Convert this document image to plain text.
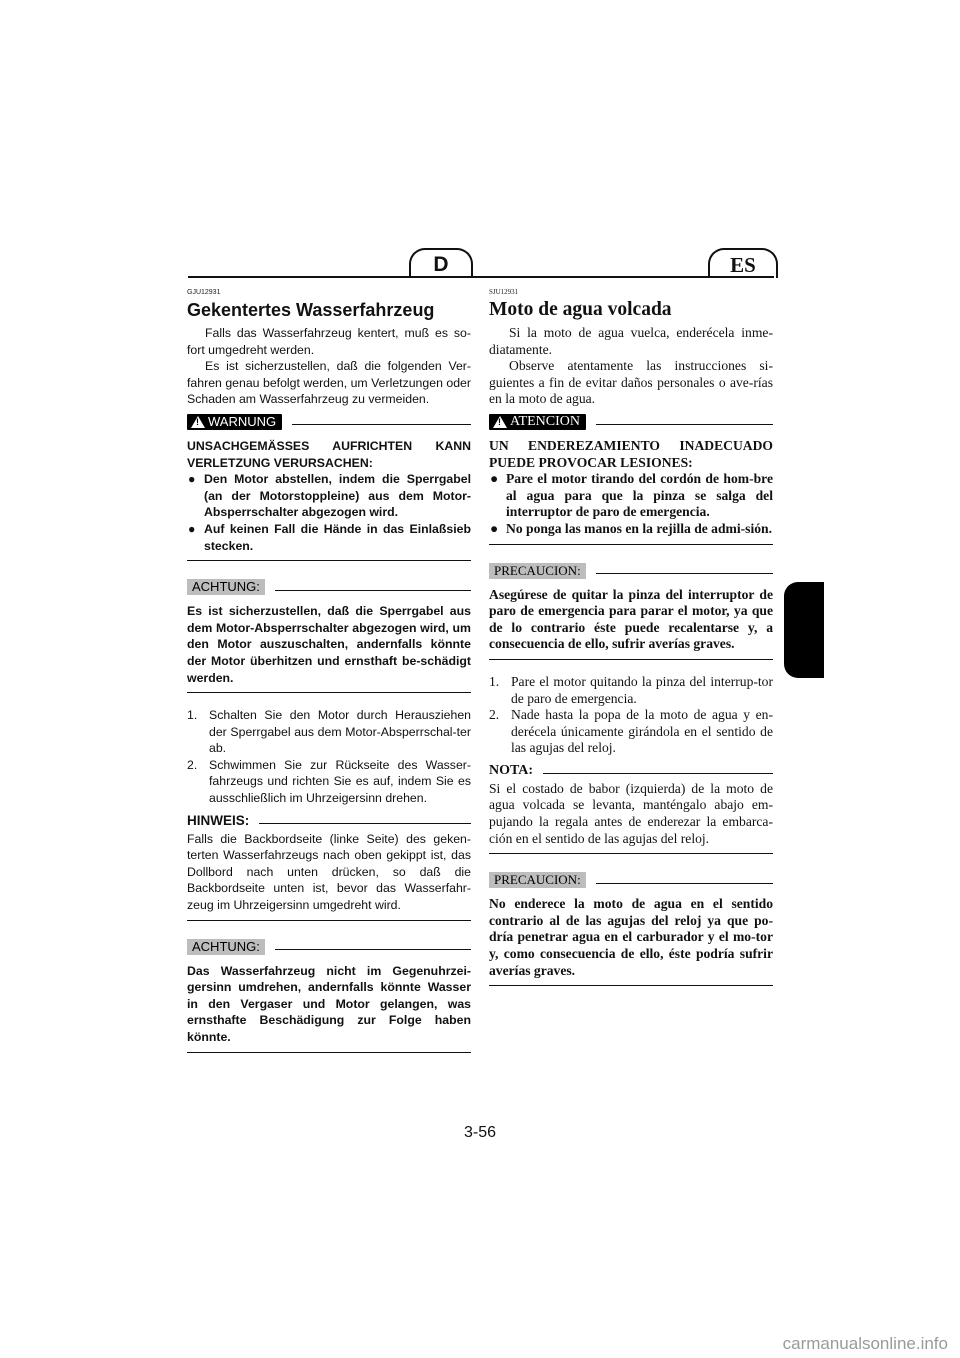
D	ES

GJU12931

Gekentertes Wasserfahrzeug

Falls das Wasserfahrzeug kentert, muß es so-fort umgedreht werden.

Es ist sicherzustellen, daß die folgenden Ver-fahren genau befolgt werden, um Verletzungen oder Schaden am Wasserfahrzeug zu vermeiden.

!
WARNUNG

UNSACHGEMÄSSES AUFRICHTEN KANN VERLETZUNG VERURSACHEN:

● Den Motor abstellen, indem die Sperrgabel (an der Motorstoppleine) aus dem Motor-Absperrschalter abgezogen wird.
● Auf keinen Fall die Hände in das Einlaßsieb stecken.
ACHTUNG:

Es ist sicherzustellen, daß die Sperrgabel aus dem Motor-Absperrschalter abgezogen wird, um den Motor auszuschalten, andernfalls könnte der Motor überhitzen und ernsthaft be-schädigt werden.

1. Schalten Sie den Motor durch Herausziehen der Sperrgabel aus dem Motor-Absperrschal-ter ab.
2. Schwimmen Sie zur Rückseite des Wasser-fahrzeugs und richten Sie es auf, indem Sie es ausschließlich im Uhrzeigersinn drehen.
HINWEIS:

Falls die Backbordseite (linke Seite) des geken-terten Wasserfahrzeugs nach oben gekippt ist, das Dollbord nach unten drücken, so daß die Backbordseite unten ist, bevor das Wasserfahr-zeug im Uhrzeigersinn umgedreht wird.

ACHTUNG:

Das Wasserfahrzeug nicht im Gegenuhrzei-gersinn umdrehen, andernfalls könnte Wasser in den Vergaser und Motor gelangen, was ernsthafte Beschädigung zur Folge haben könnte.

SJU12931

Moto de agua volcada

Si la moto de agua vuelca, enderécela inme-diatamente.

Observe atentamente las instrucciones si-guientes a fin de evitar daños personales o ave-rías en la moto de agua.

!
ATENCION

UN ENDEREZAMIENTO INADECUADO PUEDE PROVOCAR LESIONES:

● Pare el motor tirando del cordón de hom-bre al agua para que la pinza se salga del interruptor de paro de emergencia.
● No ponga las manos en la rejilla de admi-sión.
PRECAUCION:

Asegúrese de quitar la pinza del interruptor de paro de emergencia para parar el motor, ya que de lo contrario éste puede recalentarse y, a consecuencia de ello, sufrir averías graves.

1. Pare el motor quitando la pinza del interrup-tor de paro de emergencia.
2. Nade hasta la popa de la moto de agua y en-derécela únicamente girándola en el sentido de las agujas del reloj.
NOTA:

Si el costado de babor (izquierda) de la moto de agua volcada se levanta, manténgalo abajo em-pujando la regala antes de enderezar la embarca-ción en el sentido de las agujas del reloj.

PRECAUCION:

No enderece la moto de agua en el sentido contrario al de las agujas del reloj ya que po-dría penetrar agua en el carburador y el mo-tor y, como consecuencia de ello, éste podría sufrir averías graves.

3-56
carmanualsonline.info
